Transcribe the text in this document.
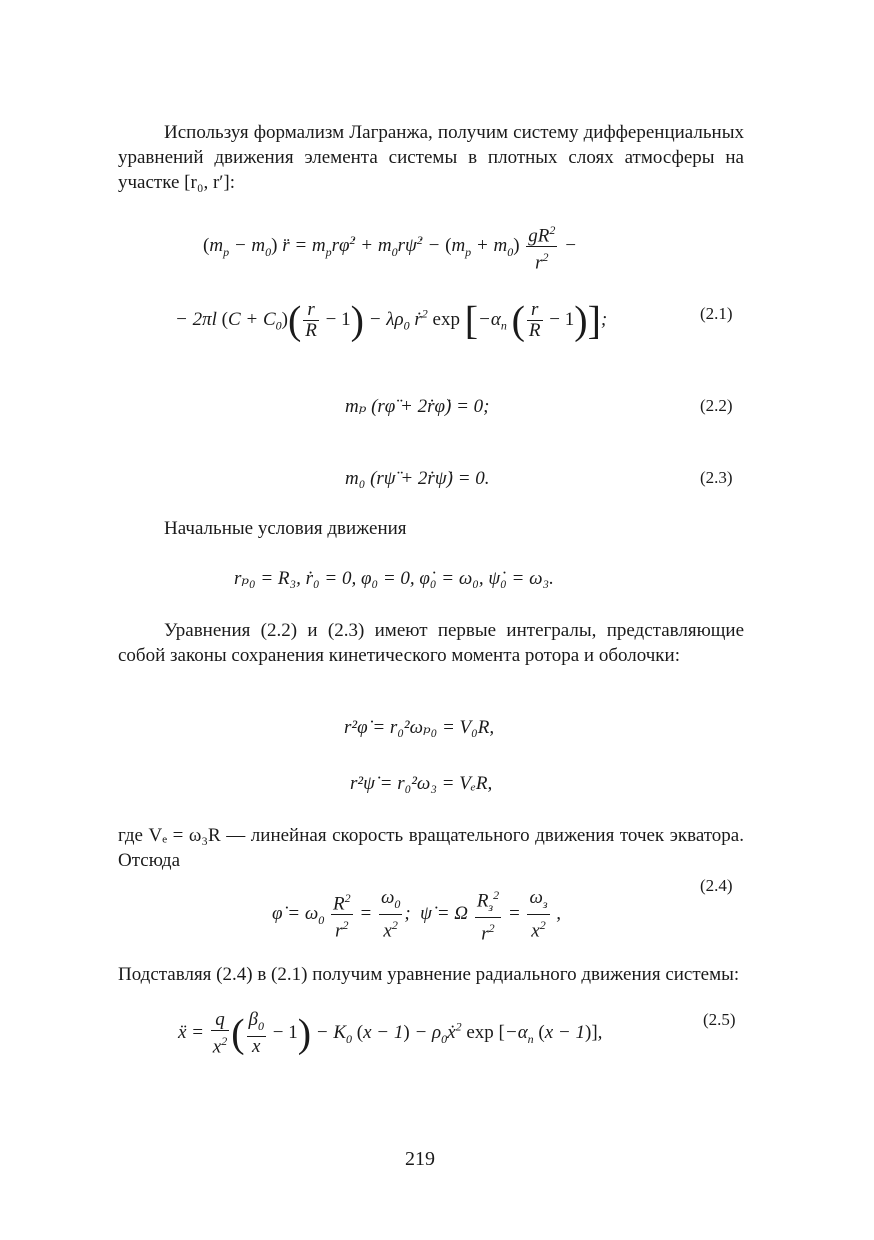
Используя формализм Лагранжа, получим систему дифференциальных уравнений движения элемента системы в плотных слоях атмосферы на участке [r₀, r′]:
$(m_p - m_0)$ r̈ = $m_pr\varphi̇^2$ + $m_0r\psi̇^2 - (m_p + m_0) \frac{gR^2}{r^2}$ −
− 2πl $(C + C_0)( \frac{r}{R} - 1) - \lambda\rho_0$ ṙ$^2$ $\exp [-\alpha_n$ ( $\frac{r}{R} - 1$)];	(2.1)
mₚ (rφ̈ + 2ṙφ̇) = 0;	(2.2)
m₀ (rψ̈ + 2ṙψ̇) = 0.	(2.3)
Начальные условия движения
rₚ₀ = R₃, ṙ₀ = 0, φ₀ = 0, φ̇₀ = ω₀, ψ̇₀ = ω₃.
Уравнения (2.2) и (2.3) имеют первые интегралы, представляющие собой законы сохранения кинетического момента ротора и оболочки:
r²φ̇ = r₀²ωₚ₀ = V₀R,
r²ψ̇ = r₀²ω₃ = VₑR,
где Vₑ = ω₃R — линейная скорость вращательного движения точек экватора. Отсюда
φ̇ = $\omega_0 \frac{R^2}{r^2} = \frac{\omega_0}{x^2}$ ;  ψ̇ = Ω $\frac{R_з^2}{r^2} = \frac{\omega_з}{x^2}$ ,
(2.4)
Подставляя (2.4) в (2.1) получим уравнение радиального движения системы:
ẍ = $\frac{q}{x^2}$ ( $\frac{\beta_0}{x} - 1) - K_0$ $(x - 1) - \rho_0ẋ^2$ $\exp [-\alpha_n$ (x − 1)],
(2.5)
219
